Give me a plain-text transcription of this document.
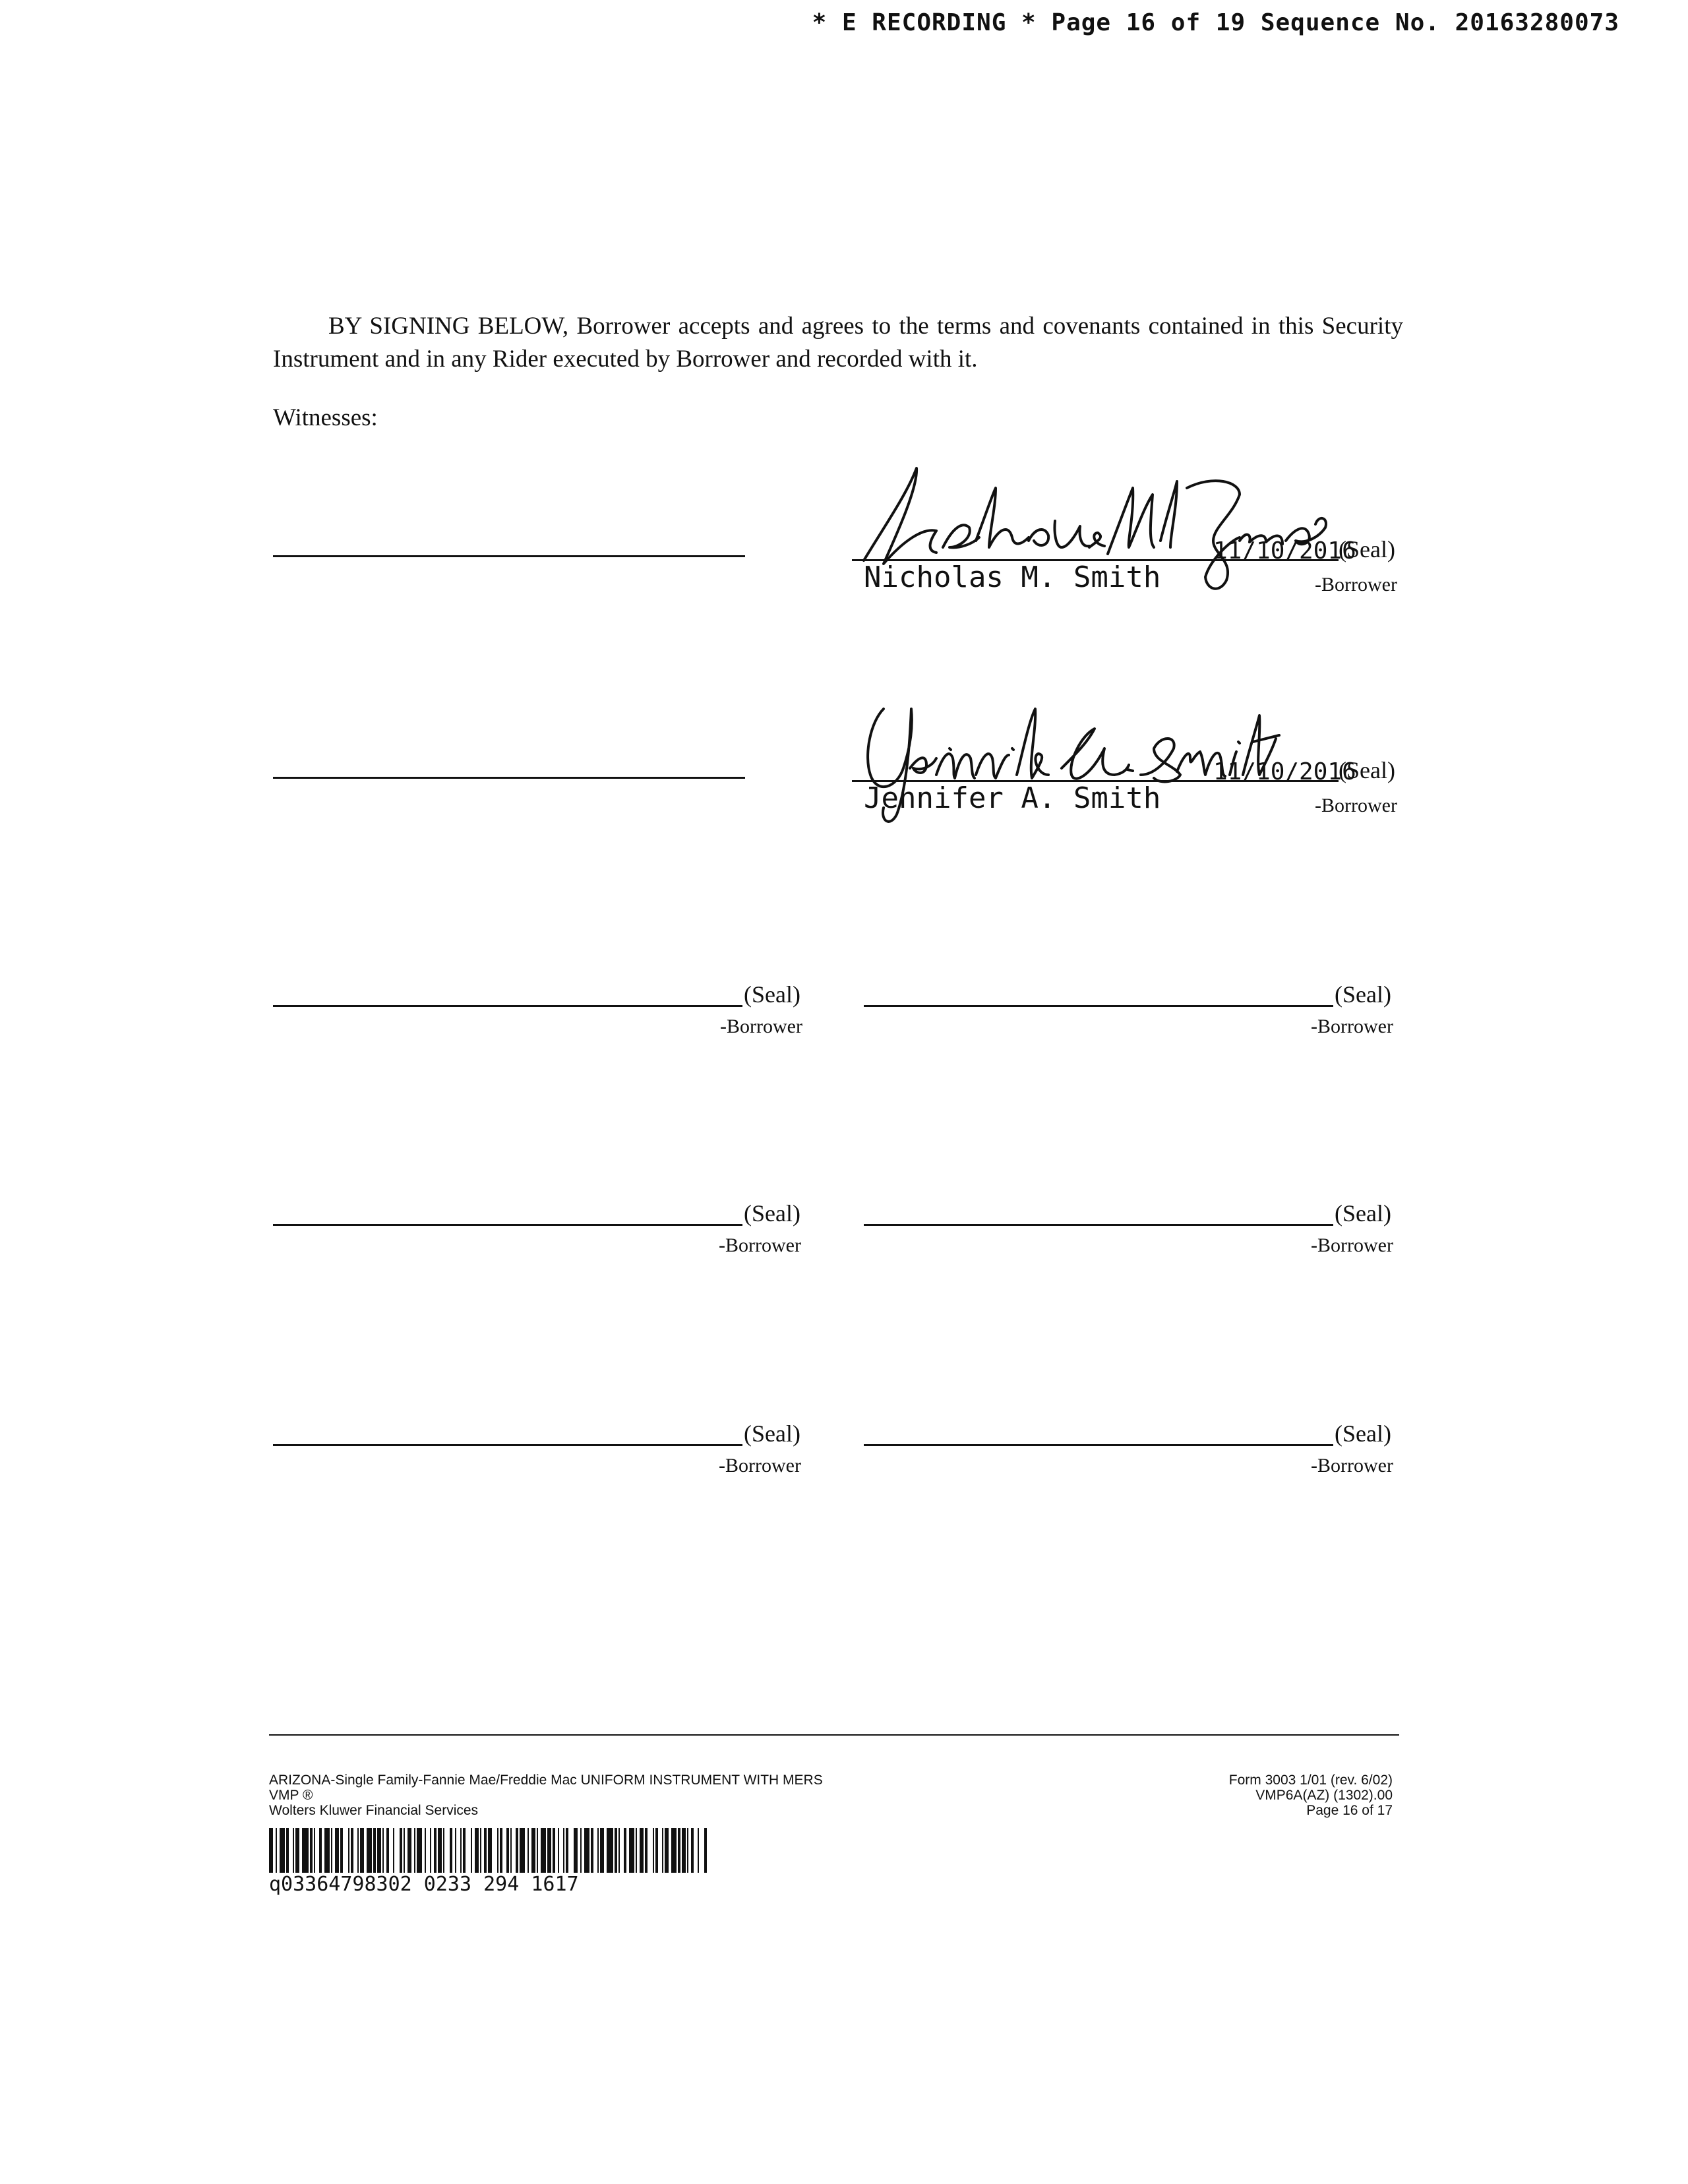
* E RECORDING * Page 16 of 19 Sequence No. 20163280073

BY SIGNING BELOW, Borrower accepts and agrees to the terms and covenants contained in this Security Instrument and in any Rider executed by Borrower and recorded with it.

Witnesses:
11/10/2016
(Seal)
Nicholas M. Smith	-Borrower
11/10/2016
(Seal)
Jennifer A. Smith	-Borrower
(Seal)
-Borrower
(Seal)
-Borrower
(Seal)
-Borrower
(Seal)
-Borrower
(Seal)
-Borrower
(Seal)
-Borrower
ARIZONA-Single Family-Fannie Mae/Freddie Mac UNIFORM INSTRUMENT WITH MERS
VMP ®
Wolters Kluwer Financial Services
Form 3003 1/01 (rev. 6/02)
VMP6A(AZ) (1302).00
Page 16 of 17
q03364798302 0233 294 1617
